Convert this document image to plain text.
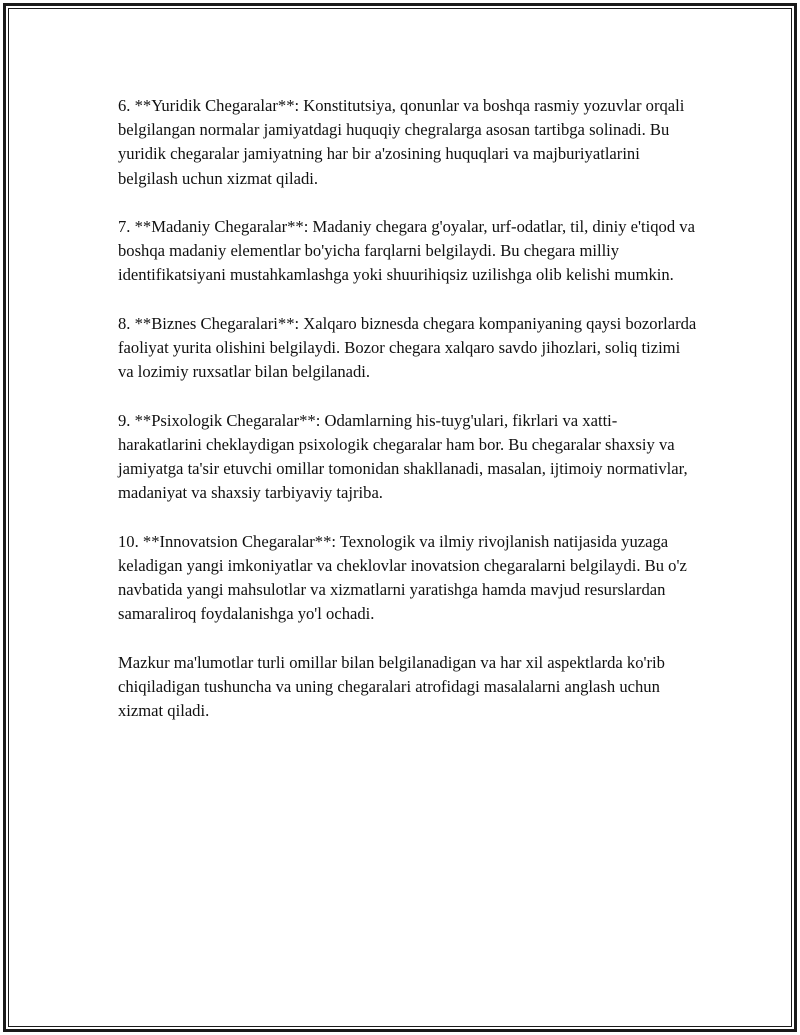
6. **Yuridik Chegaralar**: Konstitutsiya, qonunlar va boshqa rasmiy yozuvlar orqali belgilangan normalar jamiyatdagi huquqiy chegralarga asosan tartibga solinadi. Bu yuridik chegaralar jamiyatning har bir a'zosining huquqlari va majburiyatlarini belgilash uchun xizmat qiladi.

7. **Madaniy Chegaralar**: Madaniy chegara g'oyalar, urf-odatlar, til, diniy e'tiqod va boshqa madaniy elementlar bo'yicha farqlarni belgilaydi. Bu chegara milliy identifikatsiyani mustahkamlashga yoki shuurihiqsiz uzilishga olib kelishi mumkin.

8. **Biznes Chegaralari**: Xalqaro biznesda chegara kompaniyaning qaysi bozorlarda faoliyat yurita olishini belgilaydi. Bozor chegara xalqaro savdo jihozlari, soliq tizimi va lozimiy ruxsatlar bilan belgilanadi.

9. **Psixologik Chegaralar**: Odamlarning his-tuyg'ulari, fikrlari va xatti-harakatlarini cheklaydigan psixologik chegaralar ham bor. Bu chegaralar shaxsiy va jamiyatga ta'sir etuvchi omillar tomonidan shakllanadi, masalan, ijtimoiy normativlar, madaniyat va shaxsiy tarbiyaviy tajriba.

10. **Innovatsion Chegaralar**: Texnologik va ilmiy rivojlanish natijasida yuzaga keladigan yangi imkoniyatlar va cheklovlar inovatsion chegaralarni belgilaydi. Bu o'z navbatida yangi mahsulotlar va xizmatlarni yaratishga hamda mavjud resurslardan samaraliroq foydalanishga yo'l ochadi.

Mazkur ma'lumotlar turli omillar bilan belgilanadigan va har xil aspektlarda ko'rib chiqiladigan tushuncha va uning chegaralari atrofidagi masalalarni anglash uchun xizmat qiladi.
